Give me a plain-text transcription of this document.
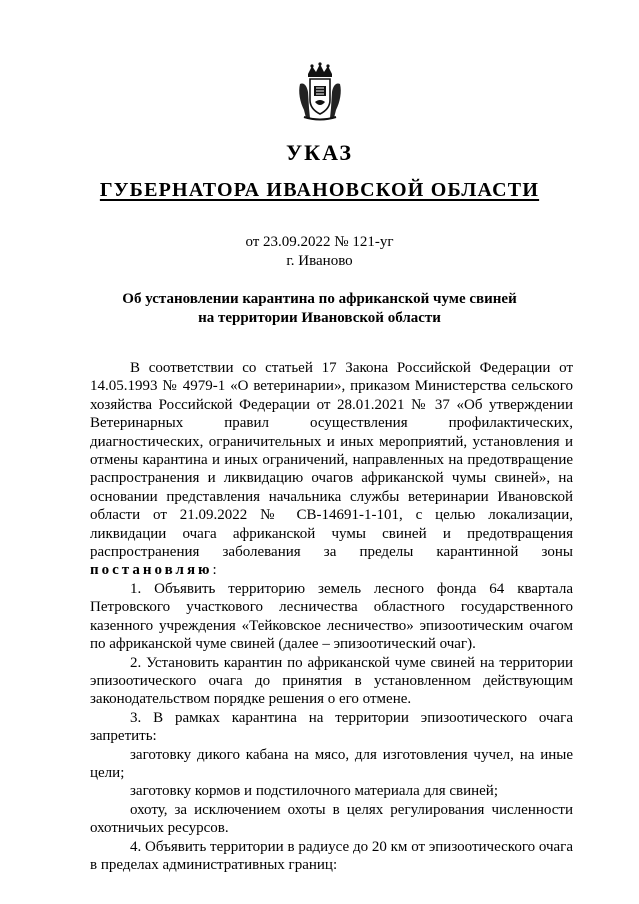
УКАЗ
ГУБЕРНАТОРА ИВАНОВСКОЙ ОБЛАСТИ
от 23.09.2022 № 121-уг
г. Иваново
Об установлении карантина по африканской чуме свиней
на территории Ивановской области

В соответствии со статьей 17 Закона Российской Федерации от 14.05.1993 № 4979-1 «О ветеринарии», приказом Министерства сельского хозяйства Российской Федерации от 28.01.2021 № 37 «Об утверждении Ветеринарных правил осуществления профилактических, диагностических, ограничительных и иных мероприятий, установления и отмены карантина и иных ограничений, направленных на предотвращение распространения и ликвидацию очагов африканской чумы свиней», на основании представления начальника службы ветеринарии Ивановской области от 21.09.2022 № СВ-14691-1-101, с целью локализации, ликвидации очага африканской чумы свиней и предотвращения распространения заболевания за пределы карантинной зоны постановляю:

1. Объявить территорию земель лесного фонда 64 квартала Петровского участкового лесничества областного государственного казенного учреждения «Тейковское лесничество» эпизоотическим очагом по африканской чуме свиней (далее – эпизоотический очаг).

2. Установить карантин по африканской чуме свиней на территории эпизоотического очага до принятия в установленном действующим законодательством порядке решения о его отмене.

3. В рамках карантина на территории эпизоотического очага запретить:

заготовку дикого кабана на мясо, для изготовления чучел, на иные цели;

заготовку кормов и подстилочного материала для свиней;

охоту, за исключением охоты в целях регулирования численности охотничьих ресурсов.

4. Объявить территории в радиусе до 20 км от эпизоотического очага в пределах административных границ:
